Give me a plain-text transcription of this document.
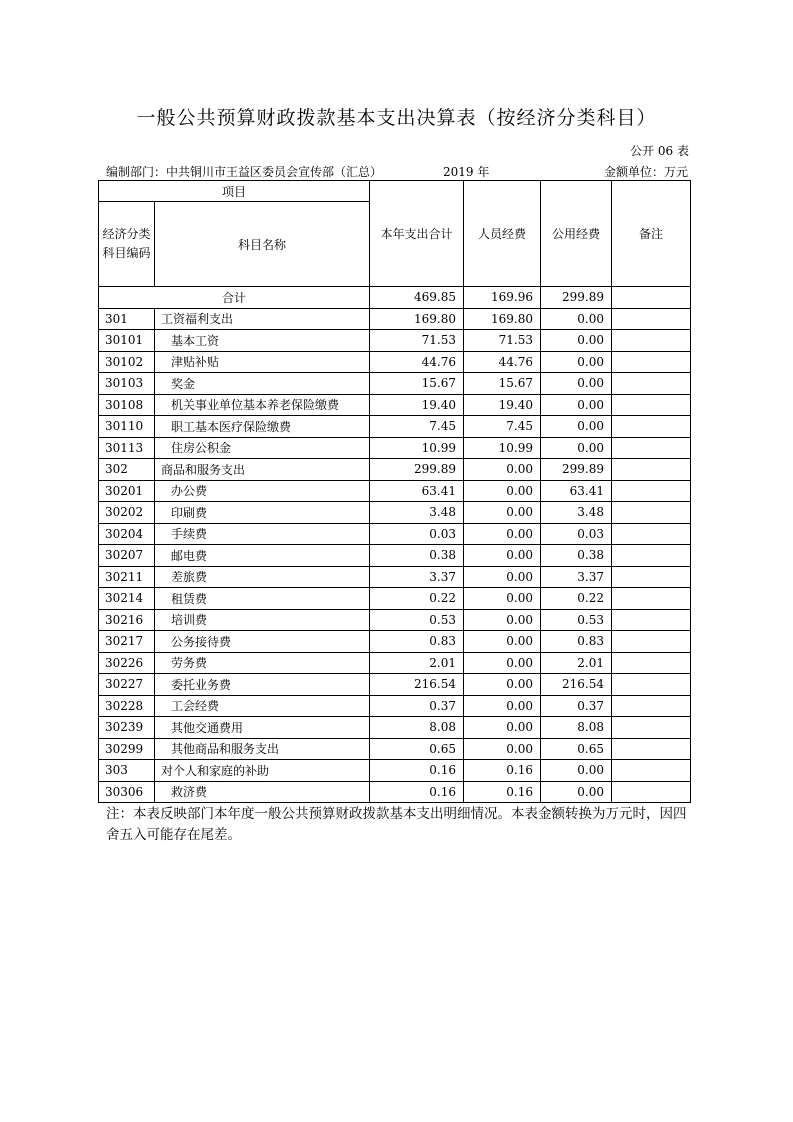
一般公共预算财政拨款基本支出决算表（按经济分类科目）
公开 06 表
编制部门：中共铜川市王益区委员会宣传部（汇总）	2019 年	金额单位：万元
项目		本年支出合计	人员经费	公用经费	备注
经济分类科目编码	科目名称				
合计		469.85	169.96	299.89	
301	工资福利支出	169.80	169.80	0.00	
30101	基本工资	71.53	71.53	0.00	
30102	津贴补贴	44.76	44.76	0.00	
30103	奖金	15.67	15.67	0.00	
30108	机关事业单位基本养老保险缴费	19.40	19.40	0.00	
30110	职工基本医疗保险缴费	7.45	7.45	0.00	
30113	住房公积金	10.99	10.99	0.00	
302	商品和服务支出	299.89	0.00	299.89	
30201	办公费	63.41	0.00	63.41	
30202	印刷费	3.48	0.00	3.48	
30204	手续费	0.03	0.00	0.03	
30207	邮电费	0.38	0.00	0.38	
30211	差旅费	3.37	0.00	3.37	
30214	租赁费	0.22	0.00	0.22	
30216	培训费	0.53	0.00	0.53	
30217	公务接待费	0.83	0.00	0.83	
30226	劳务费	2.01	0.00	2.01	
30227	委托业务费	216.54	0.00	216.54	
30228	工会经费	0.37	0.00	0.37	
30239	其他交通费用	8.08	0.00	8.08	
30299	其他商品和服务支出	0.65	0.00	0.65	
303	对个人和家庭的补助	0.16	0.16	0.00	
30306	救济费	0.16	0.16	0.00	
注：本表反映部门本年度一般公共预算财政拨款基本支出明细情况。本表金额转换为万元时，因四舍五入可能存在尾差。
